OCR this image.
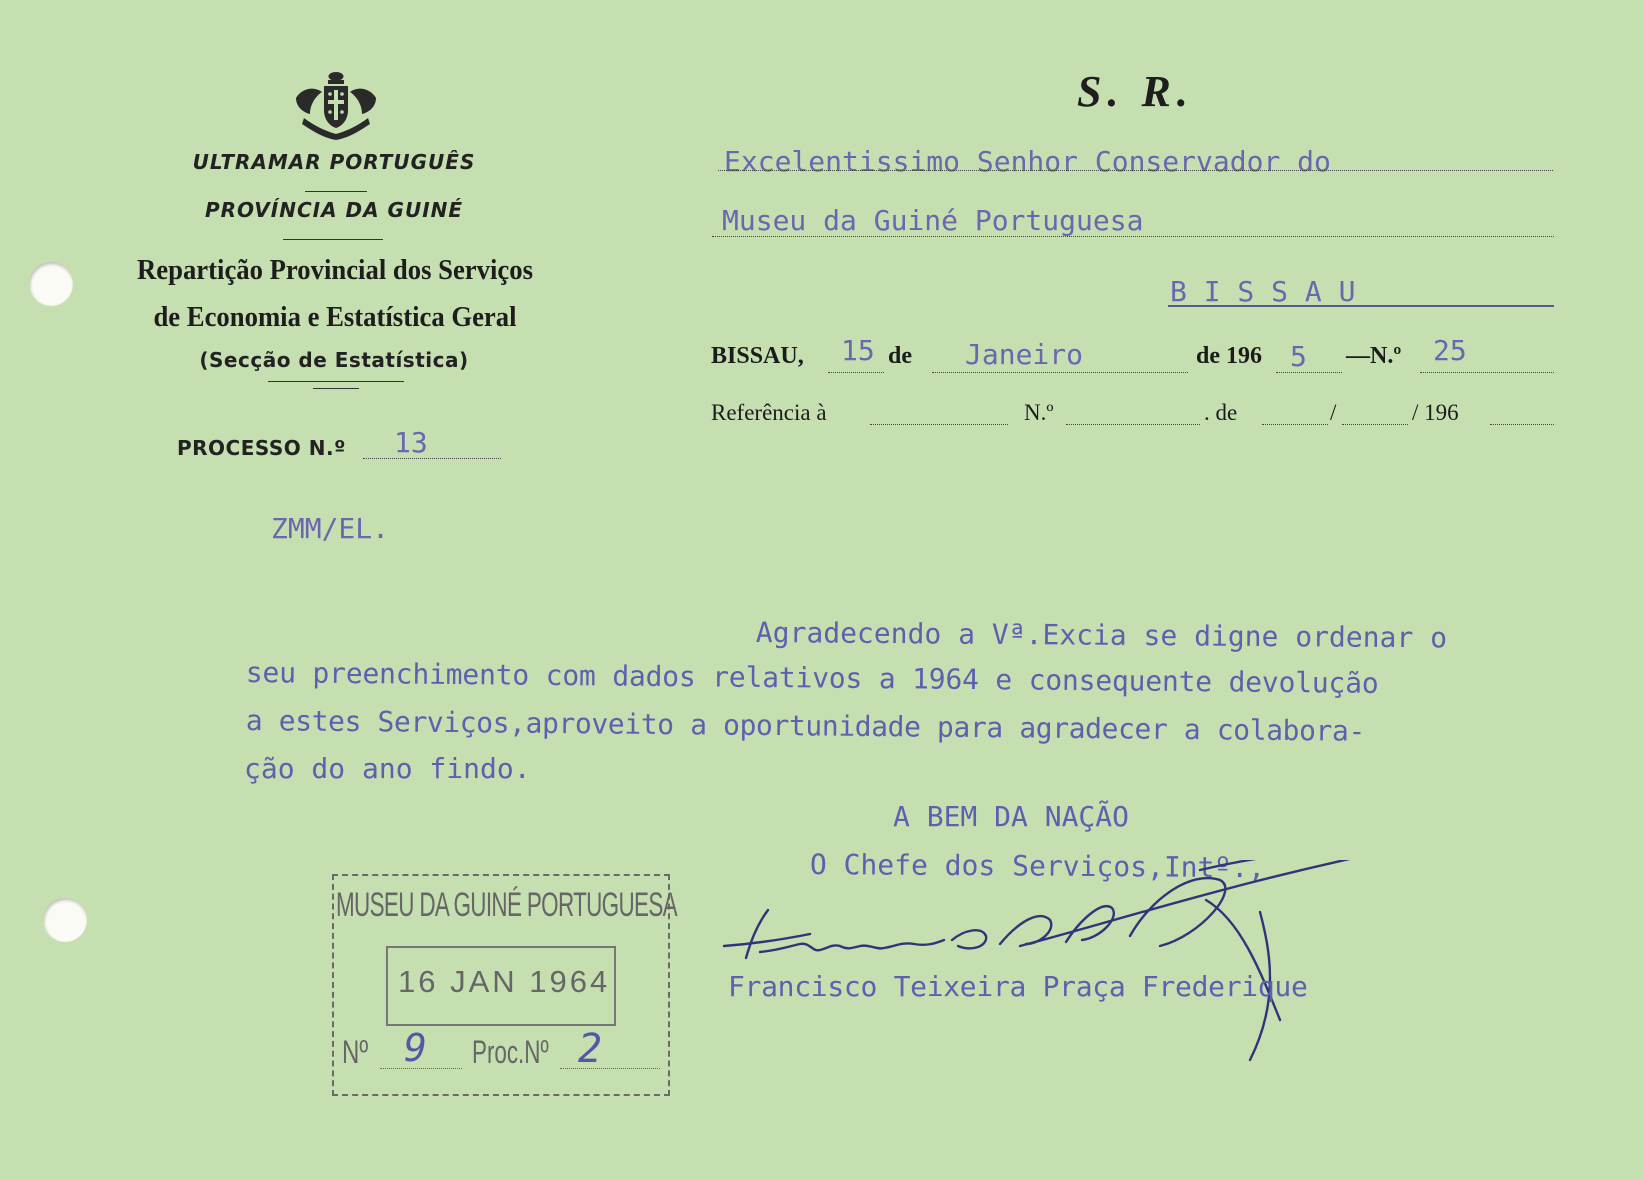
ULTRAMAR PORTUGUÊS
PROVÍNCIA DA GUINÉ
Repartição Provincial dos Serviços
de Economia e Estatística Geral
(Secção de Estatística)
PROCESSO N.º 13
ZMM/EL.
S. R.
Excelentissimo Senhor Conservador do
Museu da Guiné Portuguesa
B I S S A U
BISSAU, 15 de Janeiro	de 196 5 —N.º 25
Referência à	N.º	. de	/	/ 196
Agradecendo a Vª.Excia se digne ordenar o
seu preenchimento com dados relativos a 1964 e consequente devolução
a estes Serviços,aproveito a oportunidade para agradecer a colabora-
ção do ano findo.
A BEM DA NAÇÃO
O Chefe dos Serviços,Intº.,
Francisco Teixeira Praça Frederique
MUSEU DA GUINÉ PORTUGUESA
16 JAN 1964
Nº 9 Proc.Nº 2
